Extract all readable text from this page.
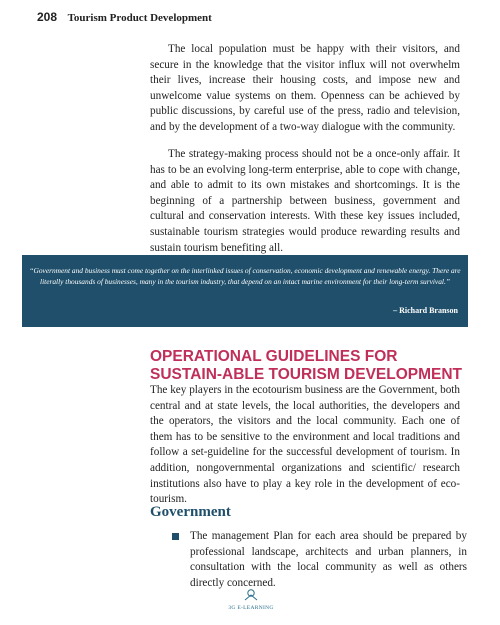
208 Tourism Product Development

The local population must be happy with their visitors, and secure in the knowledge that the visitor influx will not overwhelm their lives, increase their housing costs, and impose new and unwelcome value systems on them. Openness can be achieved by public discussions, by careful use of the press, radio and television, and by the development of a two-way dialogue with the community.

The strategy-making process should not be a once-only affair. It has to be an evolving long-term enterprise, able to cope with change, and able to admit to its own mistakes and shortcomings. It is the beginning of a partnership between business, government and cultural and conservation interests. With these key issues included, sustainable tourism strategies would produce rewarding results and sustain tourism benefiting all.

“Government and business must come together on the interlinked issues of conservation, economic development and renewable energy. There are literally thousands of businesses, many in the tourism industry, that depend on an intact marine environment for their long-term survival.”
– Richard Branson
OPERATIONAL GUIDELINES FOR SUSTAIN-ABLE TOURISM DEVELOPMENT

The key players in the ecotourism business are the Government, both central and at state levels, the local authorities, the developers and the operators, the visitors and the local community. Each one of them has to be sensitive to the environment and local traditions and follow a set-guideline for the successful development of tourism. In addition, nongovernmental organizations and scientific/ research institutions also have to play a key role in the development of eco-tourism.

Government
The management Plan for each area should be prepared by professional landscape, architects and urban planners, in consultation with the local community as well as others directly concerned.
3G E-LEARNING
